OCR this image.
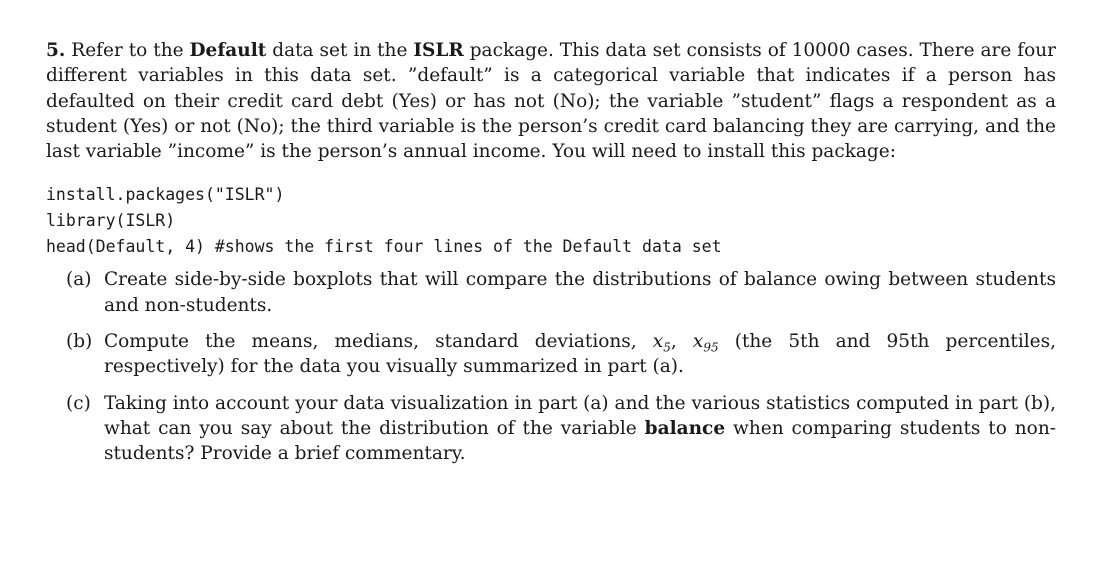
5. Refer to the Default data set in the ISLR package. This data set consists of 10000 cases. There are four different variables in this data set. ”default” is a categorical variable that indicates if a person has defaulted on their credit card debt (Yes) or has not (No); the variable ”student” flags a respondent as a student (Yes) or not (No); the third variable is the person’s credit card balancing they are carrying, and the last variable ”income” is the person’s annual income. You will need to install this package:

install.packages("ISLR")
library(ISLR)
head(Default, 4) #shows the first four lines of the Default data set
(a) Create side-by-side boxplots that will compare the distributions of balance owing between students and non-students.
(b) Compute the means, medians, standard deviations, $x_5$, $x_{95}$ (the 5th and 95th percentiles, respectively) for the data you visually summarized in part (a).
(c) Taking into account your data visualization in part (a) and the various statistics computed in part (b), what can you say about the distribution of the variable balance when comparing students to non-students? Provide a brief commentary.
